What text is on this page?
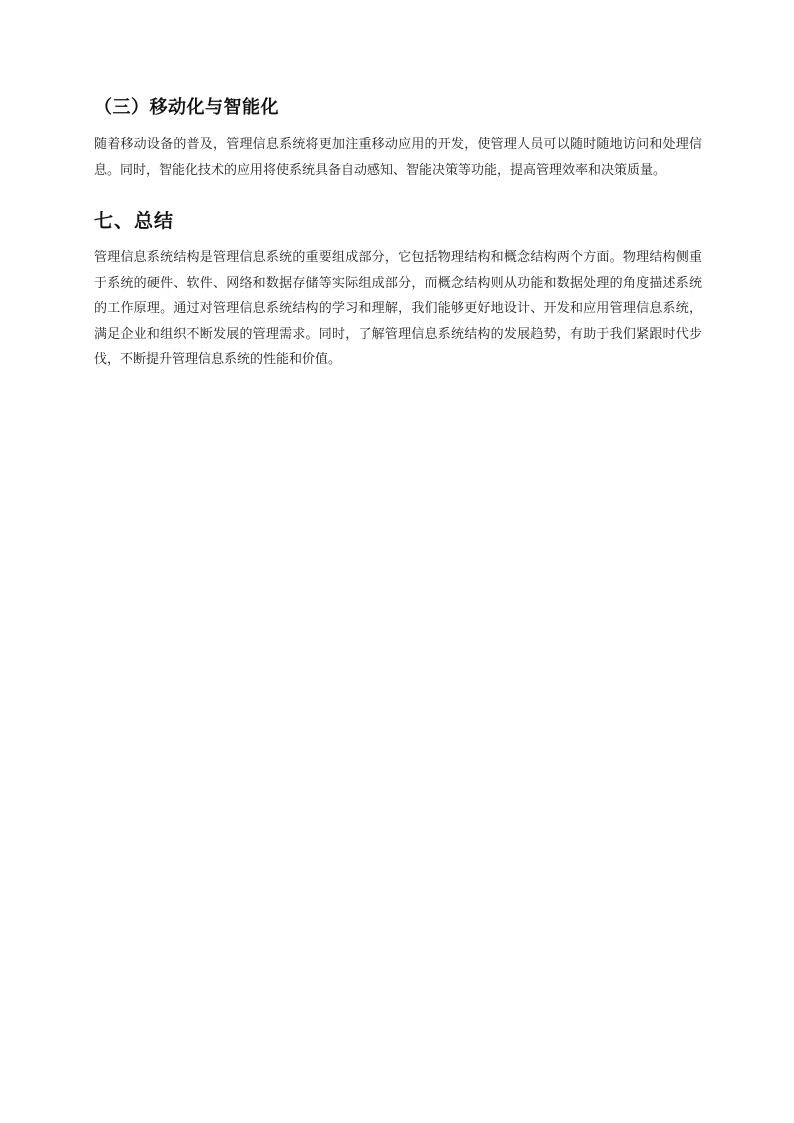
（三）移动化与智能化

随着移动设备的普及，管理信息系统将更加注重移动应用的开发，使管理人员可以随时随地访问和处理信息。同时，智能化技术的应用将使系统具备自动感知、智能决策等功能，提高管理效率和决策质量。

七、总结

管理信息系统结构是管理信息系统的重要组成部分，它包括物理结构和概念结构两个方面。物理结构侧重于系统的硬件、软件、网络和数据存储等实际组成部分，而概念结构则从功能和数据处理的角度描述系统的工作原理。通过对管理信息系统结构的学习和理解，我们能够更好地设计、开发和应用管理信息系统，满足企业和组织不断发展的管理需求。同时，了解管理信息系统结构的发展趋势，有助于我们紧跟时代步伐，不断提升管理信息系统的性能和价值。
